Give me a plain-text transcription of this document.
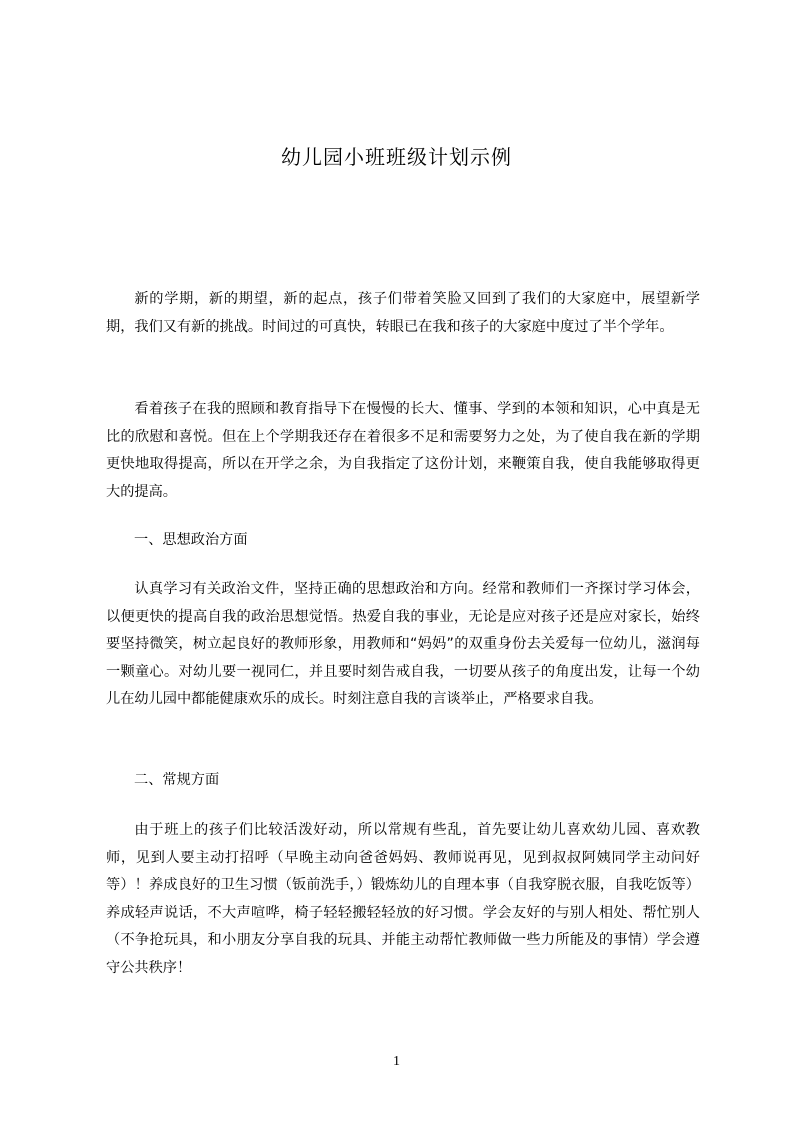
幼儿园小班班级计划示例

新的学期，新的期望，新的起点，孩子们带着笑脸又回到了我们的大家庭中，展望新学期，我们又有新的挑战。时间过的可真快，转眼已在我和孩子的大家庭中度过了半个学年。

看着孩子在我的照顾和教育指导下在慢慢的长大、懂事、学到的本领和知识，心中真是无比的欣慰和喜悦。但在上个学期我还存在着很多不足和需要努力之处，为了使自我在新的学期更快地取得提高，所以在开学之余，为自我指定了这份计划，来鞭策自我，使自我能够取得更大的提高。

一、思想政治方面

认真学习有关政治文件，坚持正确的思想政治和方向。经常和教师们一齐探讨学习体会，以便更快的提高自我的政治思想觉悟。热爱自我的事业，无论是应对孩子还是应对家长，始终要坚持微笑，树立起良好的教师形象，用教师和“妈妈”的双重身份去关爱每一位幼儿，滋润每一颗童心。对幼儿要一视同仁，并且要时刻告戒自我，一切要从孩子的角度出发，让每一个幼儿在幼儿园中都能健康欢乐的成长。时刻注意自我的言谈举止，严格要求自我。

二、常规方面

由于班上的孩子们比较活泼好动，所以常规有些乱，首先要让幼儿喜欢幼儿园、喜欢教师，见到人要主动打招呼（早晚主动向爸爸妈妈、教师说再见，见到叔叔阿姨同学主动问好等）！养成良好的卫生习惯（钣前洗手，）锻炼幼儿的自理本事（自我穿脱衣服，自我吃饭等）养成轻声说话，不大声喧哗，椅子轻轻搬轻轻放的好习惯。学会友好的与别人相处、帮忙别人（不争抢玩具，和小朋友分享自我的玩具、并能主动帮忙教师做一些力所能及的事情）学会遵守公共秩序！

1
